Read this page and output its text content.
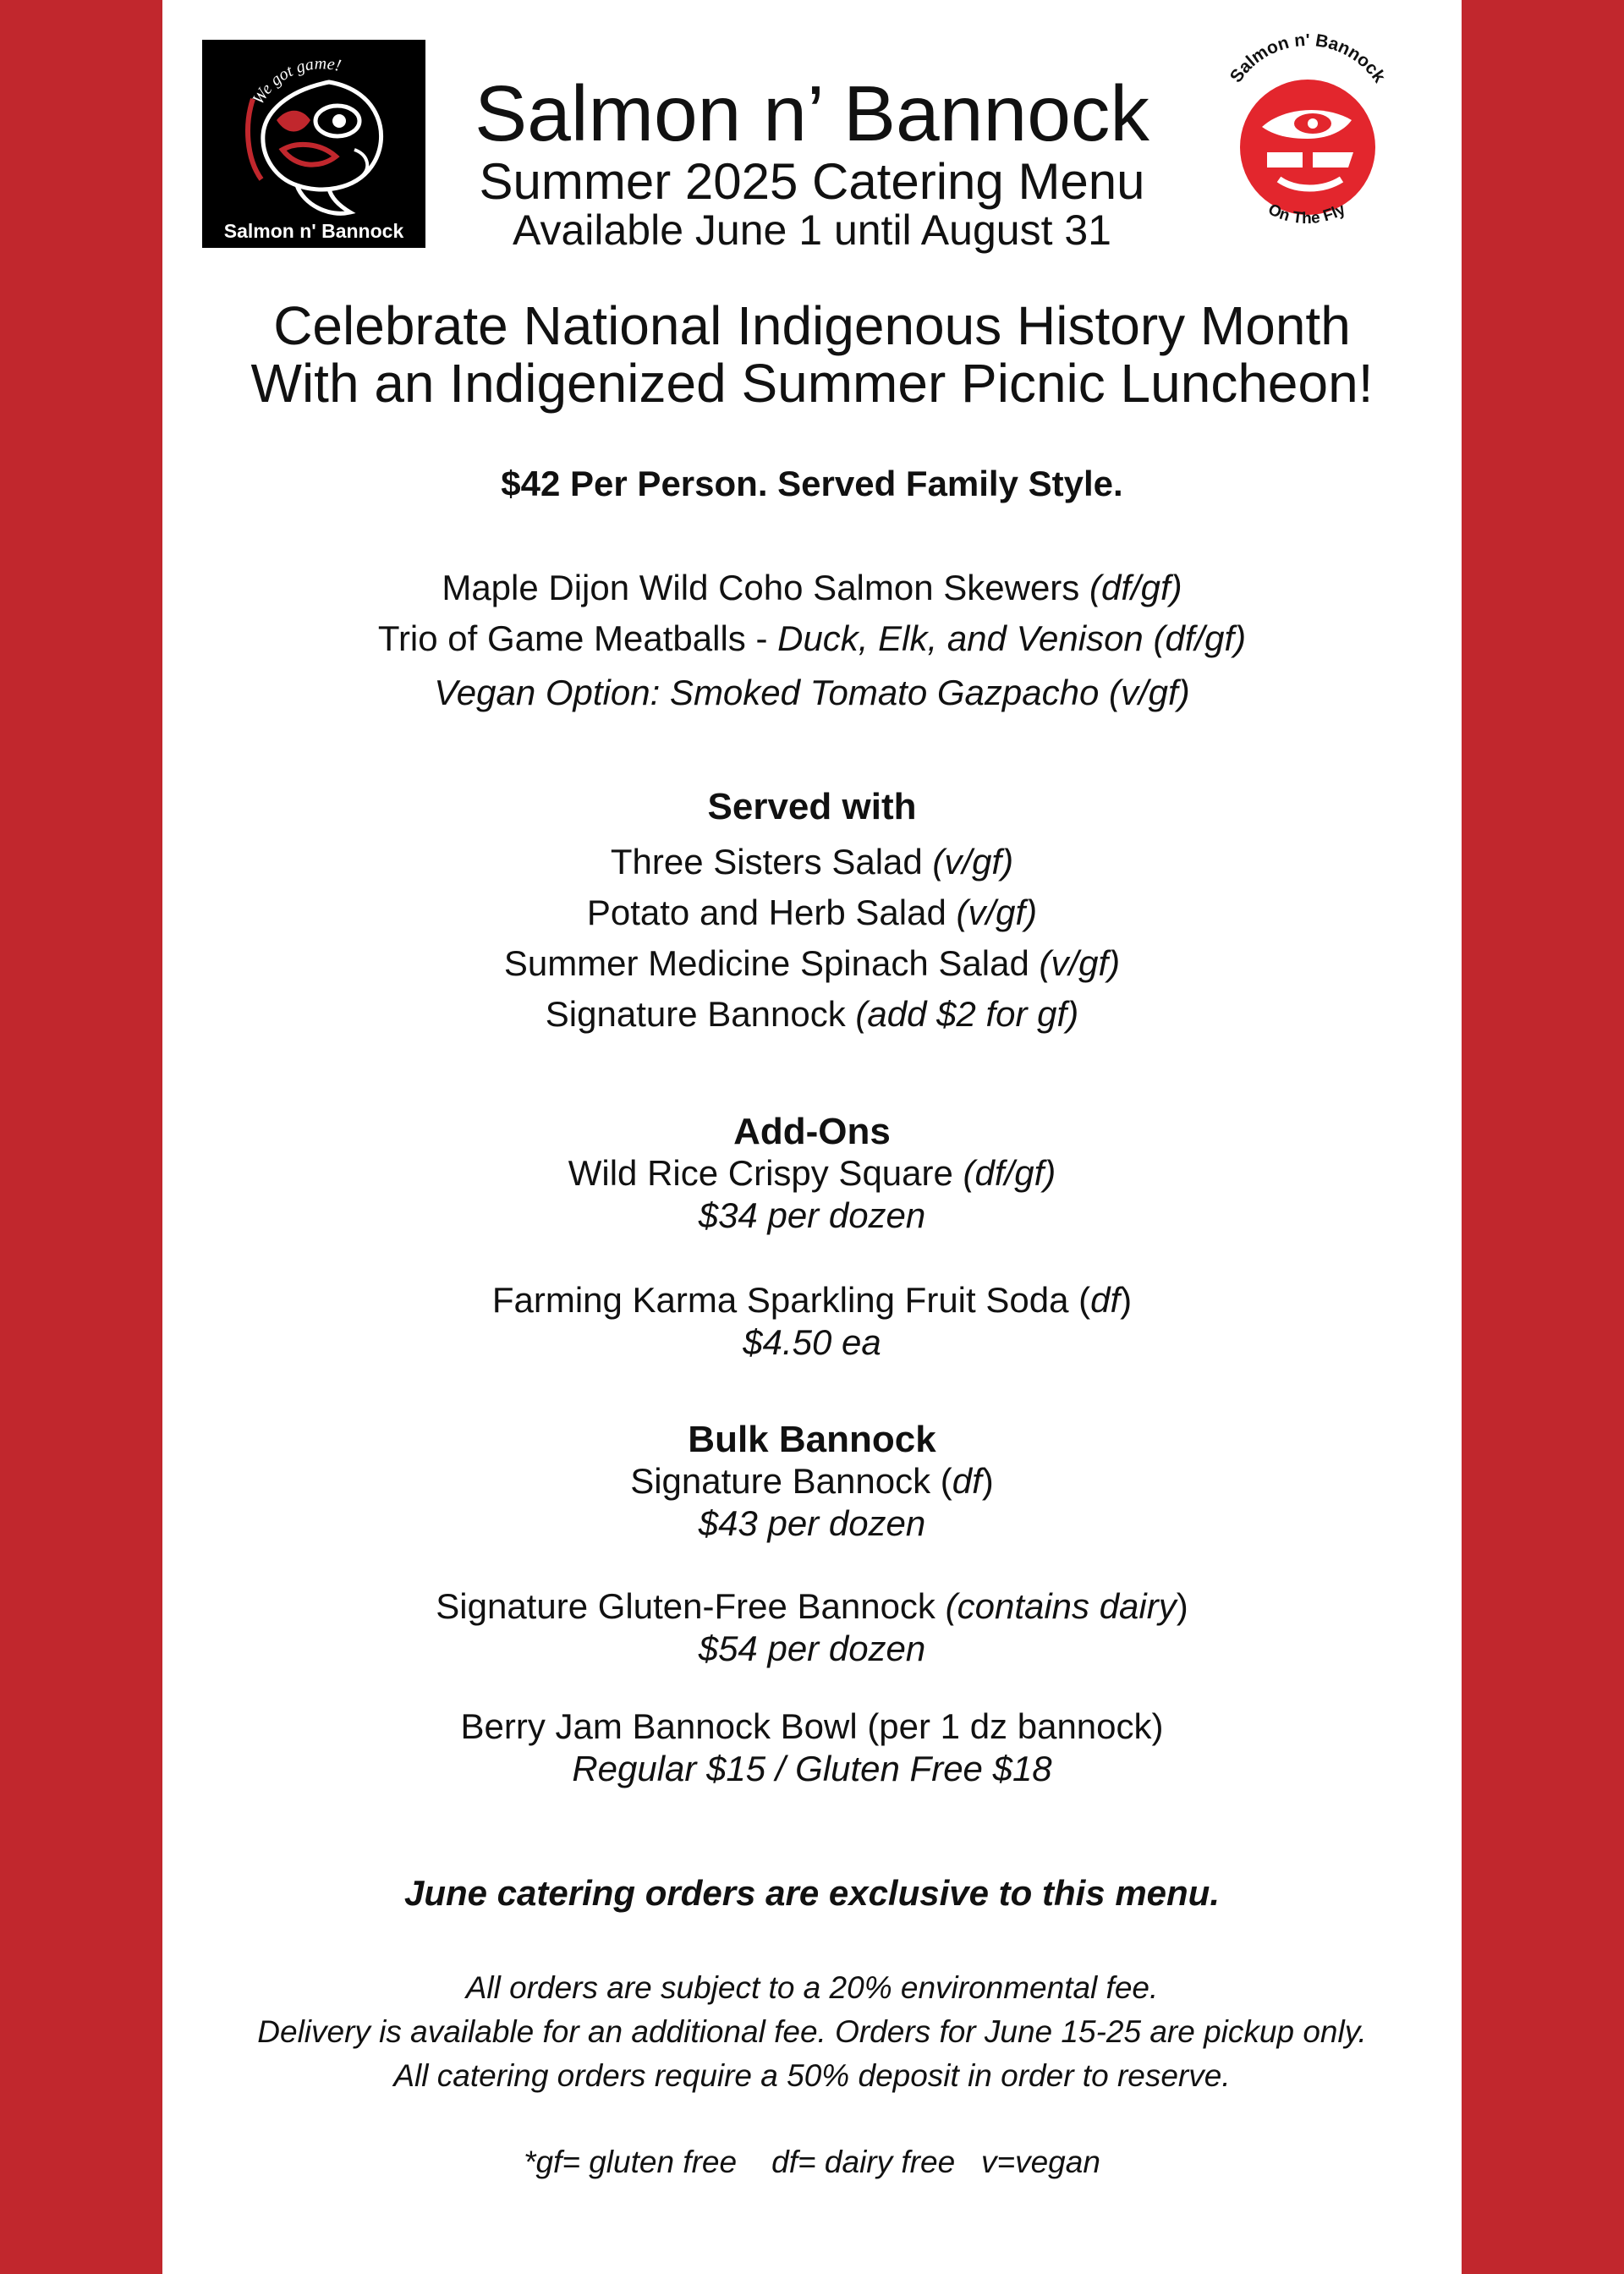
We got game!
Salmon n' Bannock
Salmon n' Bannock
On The Fly
Salmon n’ Bannock
Summer 2025 Catering Menu
Available June 1 until August 31
Celebrate National Indigenous History Month
With an Indigenized Summer Picnic Luncheon!
$42 Per Person. Served Family Style.
Maple Dijon Wild Coho Salmon Skewers (df/gf)
Trio of Game Meatballs - Duck, Elk, and Venison (df/gf)
Vegan Option: Smoked Tomato Gazpacho (v/gf)
Served with
Three Sisters Salad (v/gf)
Potato and Herb Salad (v/gf)
Summer Medicine Spinach Salad (v/gf)
Signature Bannock (add $2 for gf)
Add-Ons
Wild Rice Crispy Square (df/gf)
$34 per dozen
Farming Karma Sparkling Fruit Soda (df)
$4.50 ea
Bulk Bannock
Signature Bannock (df)
$43 per dozen
Signature Gluten-Free Bannock (contains dairy)
$54 per dozen
Berry Jam Bannock Bowl (per 1 dz bannock)
Regular $15 / Gluten Free $18
June catering orders are exclusive to this menu.
All orders are subject to a 20% environmental fee.
Delivery is available for an additional fee. Orders for June 15-25 are pickup only.
All catering orders require a 50% deposit in order to reserve.
*gf= gluten free    df= dairy free   v=vegan
